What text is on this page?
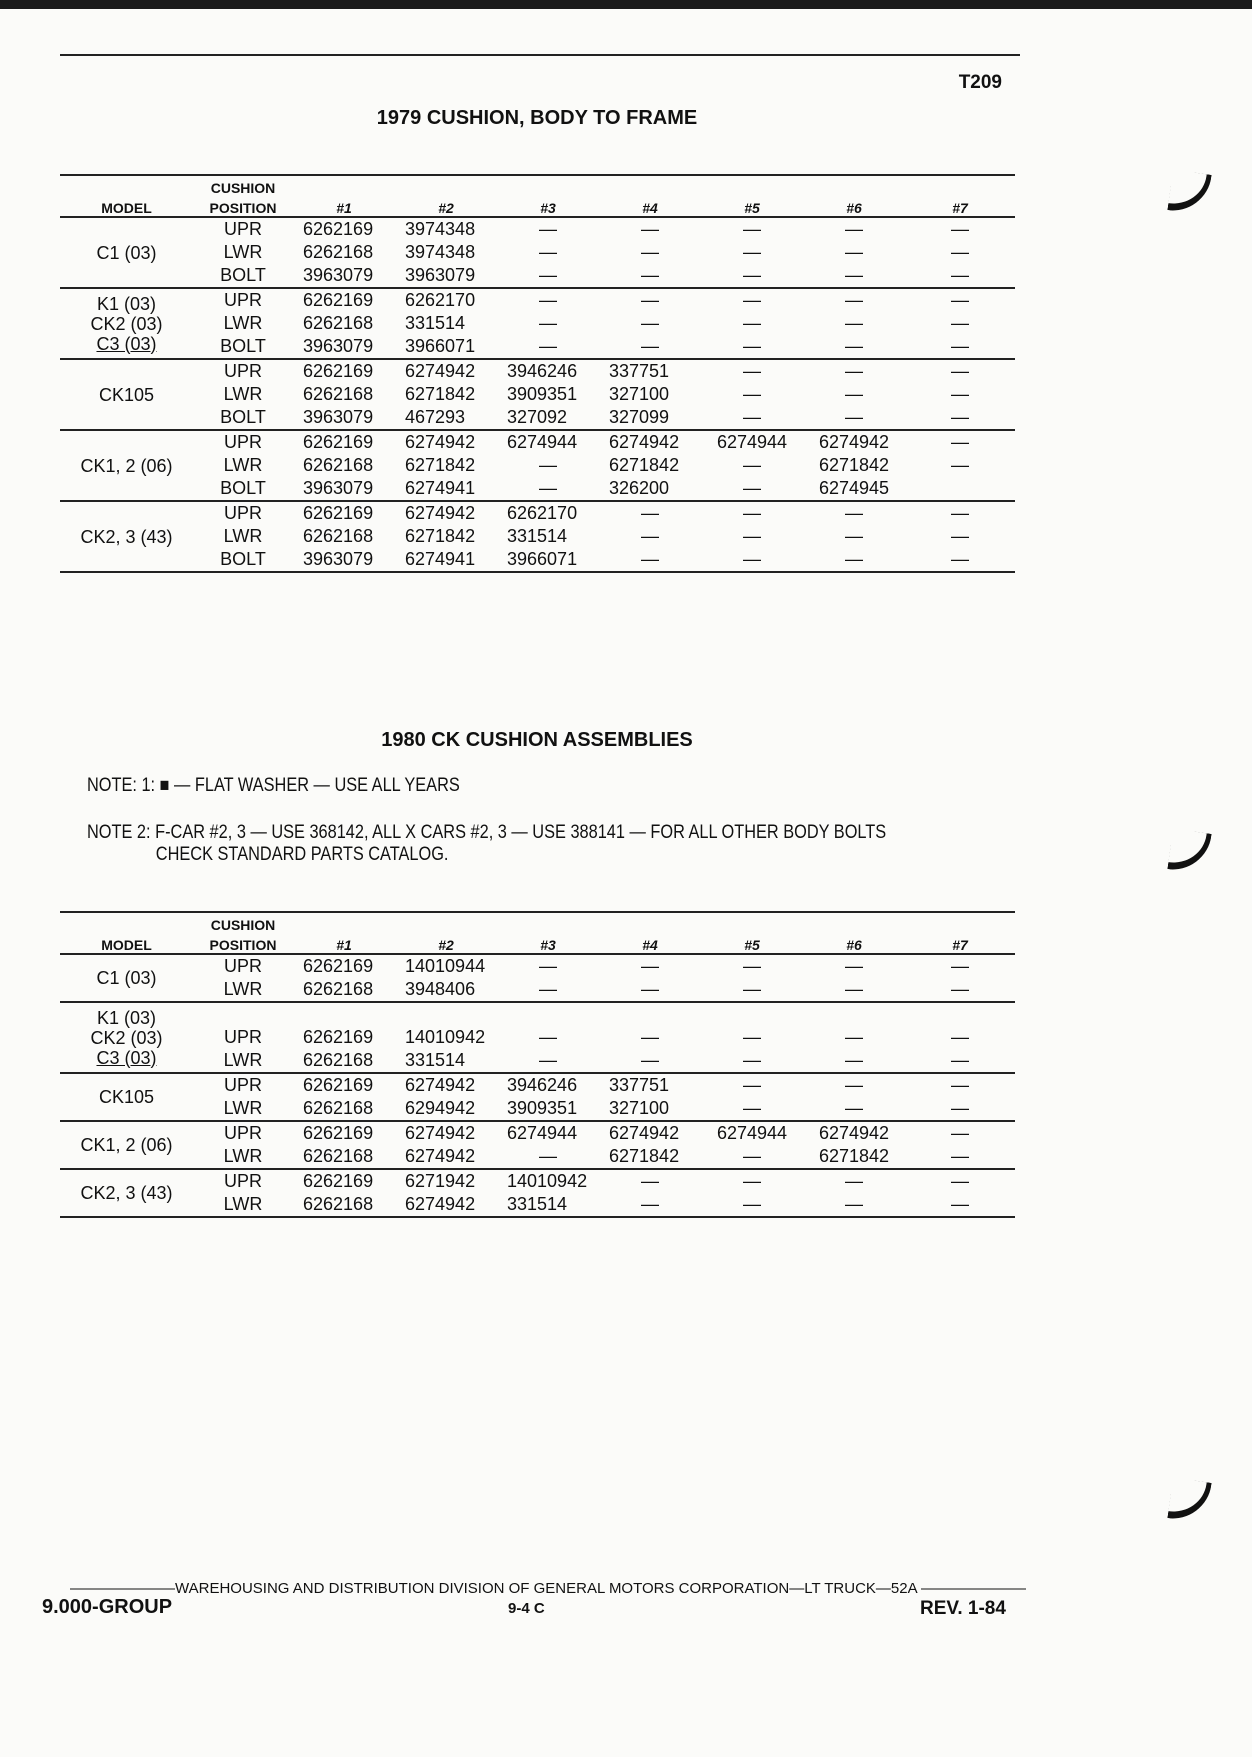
T209
1979 CUSHION, BODY TO FRAME
	CUSHION							
MODEL	POSITION	#1	#2	#3	#4	#5	#6	#7

C1 (03)	UPR	6262169	3974348	—	—	—	—	—
	LWR	6262168	3974348	—	—	—	—	—
	BOLT	3963079	3963079	—	—	—	—	—

K1 (03)
CK2 (03)
C3 (03)	UPR	6262169	6262170	—	—	—	—	—
	LWR	6262168	331514	—	—	—	—	—
	BOLT	3963079	3966071	—	—	—	—	—

CK105	UPR	6262169	6274942	3946246	337751	—	—	—
	LWR	6262168	6271842	3909351	327100	—	—	—
	BOLT	3963079	467293	327092	327099	—	—	—

CK1, 2 (06)	UPR	6262169	6274942	6274944	6274942	6274944	6274942	—
	LWR	6262168	6271842	—	6271842	—	6271842	—
	BOLT	3963079	6274941	—	326200	—	6274945	

CK2, 3 (43)	UPR	6262169	6274942	6262170	—	—	—	—
	LWR	6262168	6271842	331514	—	—	—	—
	BOLT	3963079	6274941	3966071	—	—	—	—
1980 CK CUSHION ASSEMBLIES
NOTE: 1: ■ — FLAT WASHER — USE ALL YEARS
NOTE 2: F-CAR #2, 3 — USE 368142, ALL X CARS #2, 3 — USE 388141 — FOR ALL OTHER BODY BOLTS
CHECK STANDARD PARTS CATALOG.
	CUSHION							
MODEL	POSITION	#1	#2	#3	#4	#5	#6	#7

C1 (03)	UPR	6262169	14010944	—	—	—	—	—
	LWR	6262168	3948406	—	—	—	—	—

K1 (03)
CK2 (03)
C3 (03)								

	UPR	6262169	14010942	—	—	—	—	—
	LWR	6262168	331514	—	—	—	—	—

CK105	UPR	6262169	6274942	3946246	337751	—	—	—
	LWR	6262168	6294942	3909351	327100	—	—	—

CK1, 2 (06)	UPR	6262169	6274942	6274944	6274942	6274944	6274942	—
	LWR	6262168	6274942	—	6271842	—	6271842	—

CK2, 3 (43)	UPR	6262169	6271942	14010942	—	—	—	—
	LWR	6262168	6274942	331514	—	—	—	—
———————WAREHOUSING AND DISTRIBUTION DIVISION OF GENERAL MOTORS CORPORATION—LT TRUCK—52A ———————
9.000-GROUP	9-4 C	REV. 1-84
